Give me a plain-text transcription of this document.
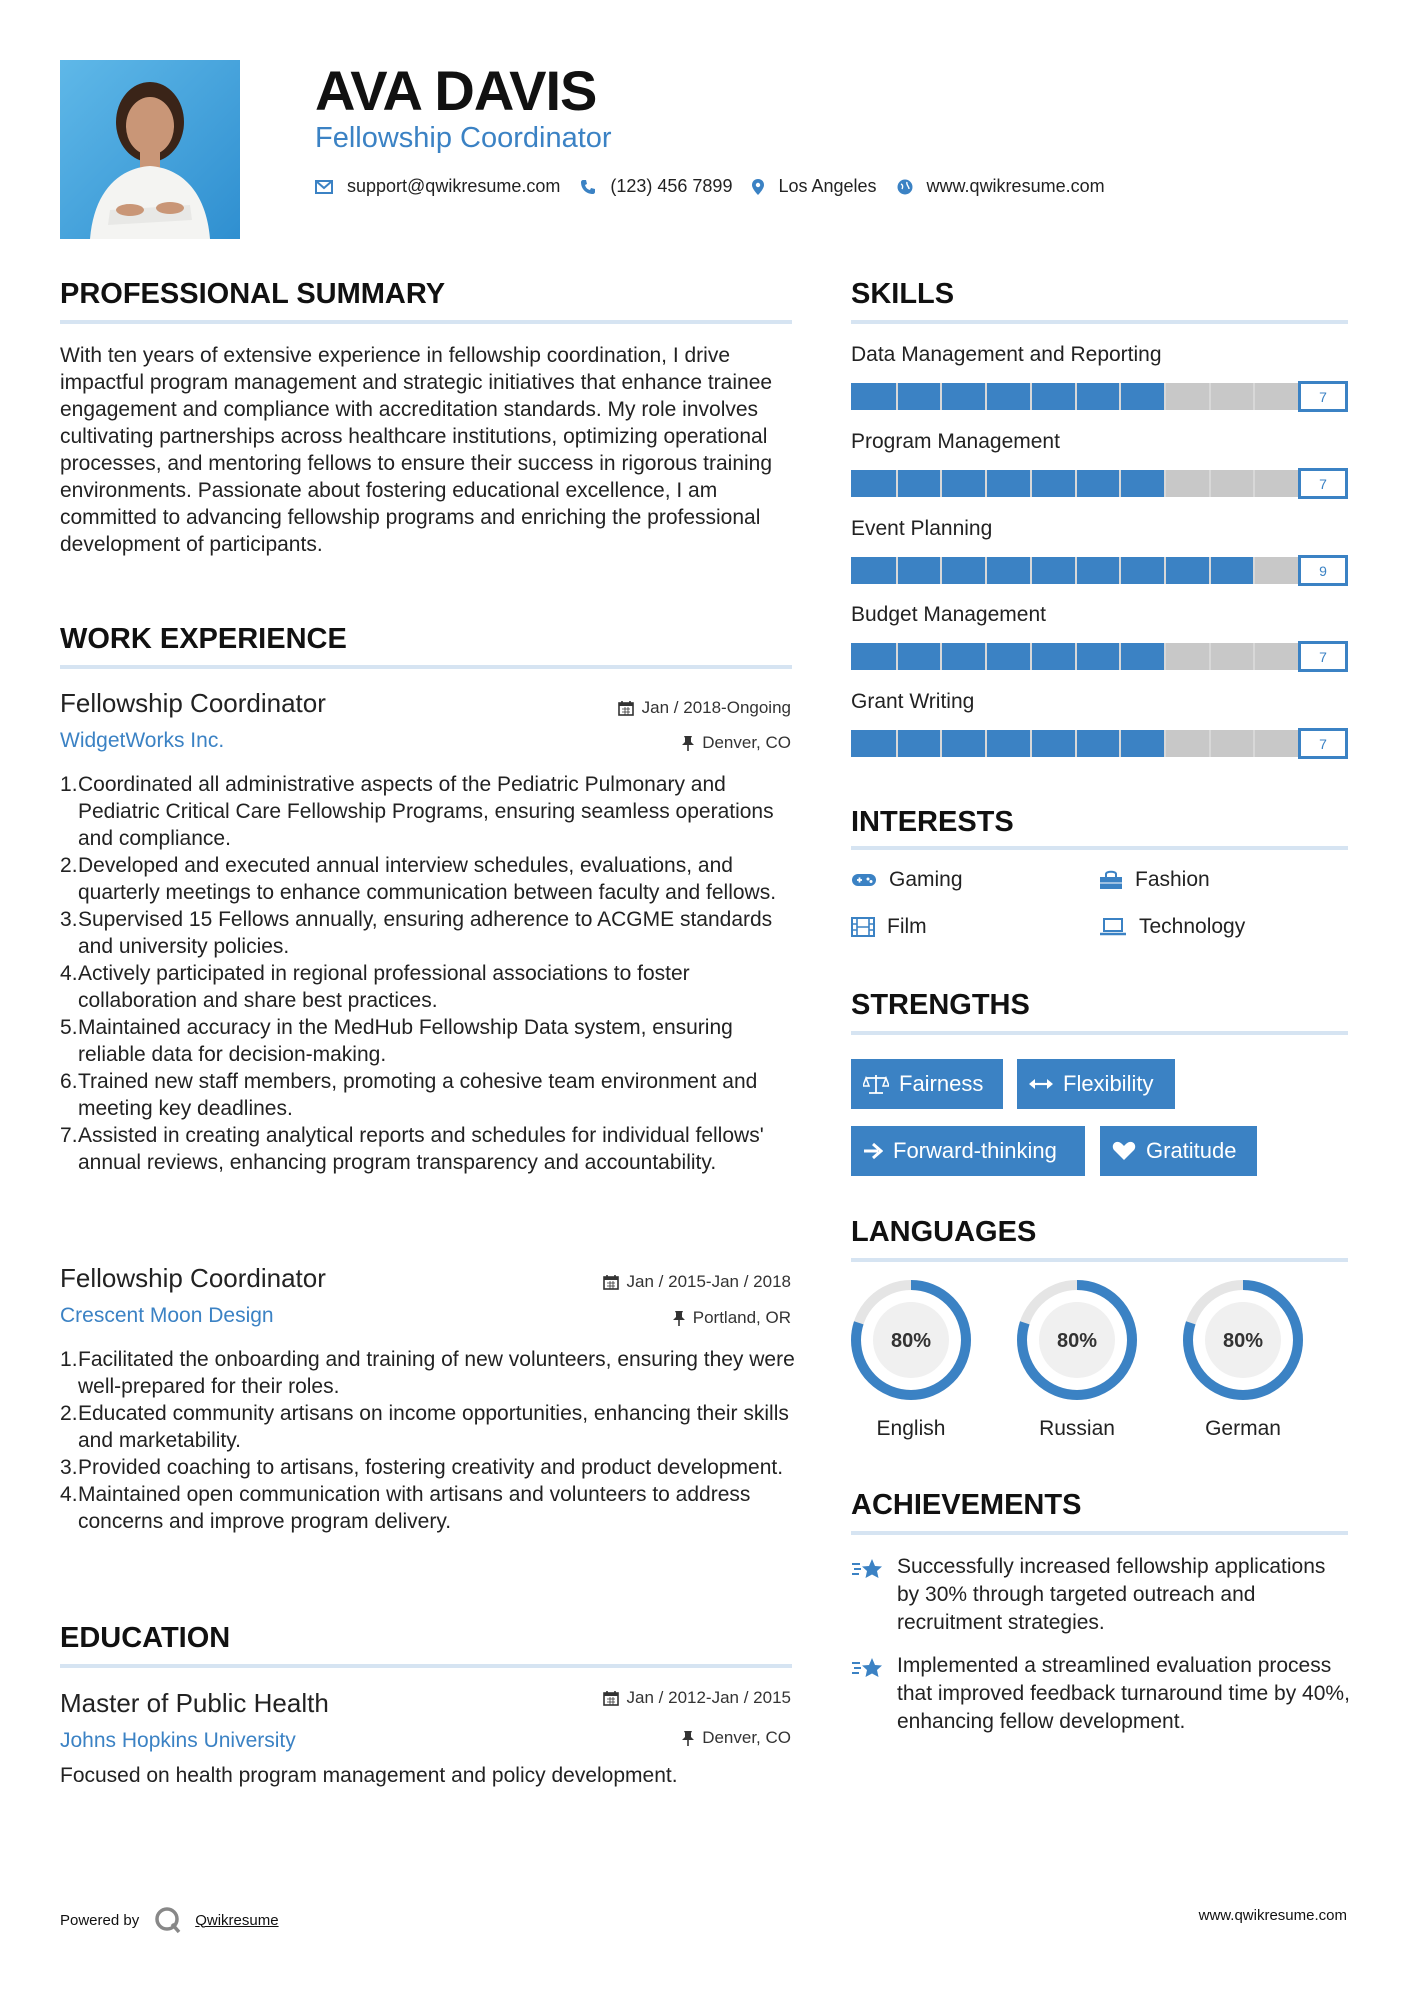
AVA DAVIS
Fellowship Coordinator
support@qwikresume.com	(123) 456 7899	Los Angeles	www.qwikresume.com
PROFESSIONAL SUMMARY
With ten years of extensive experience in fellowship coordination, I drive impactful program management and strategic initiatives that enhance trainee engagement and compliance with accreditation standards. My role involves cultivating partnerships across healthcare institutions, optimizing operational processes, and mentoring fellows to ensure their success in rigorous training environments. Passionate about fostering educational excellence, I am committed to advancing fellowship programs and enriching the professional development of participants.
WORK EXPERIENCE
Fellowship Coordinator
WidgetWorks Inc.
Jan / 2018-Ongoing
Denver, CO
Coordinated all administrative aspects of the Pediatric Pulmonary and Pediatric Critical Care Fellowship Programs, ensuring seamless operations and compliance.
Developed and executed annual interview schedules, evaluations, and quarterly meetings to enhance communication between faculty and fellows.
Supervised 15 Fellows annually, ensuring adherence to ACGME standards and university policies.
Actively participated in regional professional associations to foster collaboration and share best practices.
Maintained accuracy in the MedHub Fellowship Data system, ensuring reliable data for decision-making.
Trained new staff members, promoting a cohesive team environment and meeting key deadlines.
Assisted in creating analytical reports and schedules for individual fellows' annual reviews, enhancing program transparency and accountability.
Fellowship Coordinator
Crescent Moon Design
Jan / 2015-Jan / 2018
Portland, OR
Facilitated the onboarding and training of new volunteers, ensuring they were well-prepared for their roles.
Educated community artisans on income opportunities, enhancing their skills and marketability.
Provided coaching to artisans, fostering creativity and product development.
Maintained open communication with artisans and volunteers to address concerns and improve program delivery.
EDUCATION
Master of Public Health
Johns Hopkins University
Jan / 2012-Jan / 2015
Denver, CO
Focused on health program management and policy development.
SKILLS
Data Management and Reporting
7
Program Management
7
Event Planning
9
Budget Management
7
Grant Writing
7
INTERESTS
Gaming	Fashion
Film	Technology
STRENGTHS
Fairness	Flexibility
Forward-thinking	Gratitude
LANGUAGES
80%
English
80%
Russian
80%
German
ACHIEVEMENTS
Successfully increased fellowship applications by 30% through targeted outreach and recruitment strategies.
Implemented a streamlined evaluation process that improved feedback turnaround time by 40%, enhancing fellow development.
Powered by	Qwikresume	www.qwikresume.com
